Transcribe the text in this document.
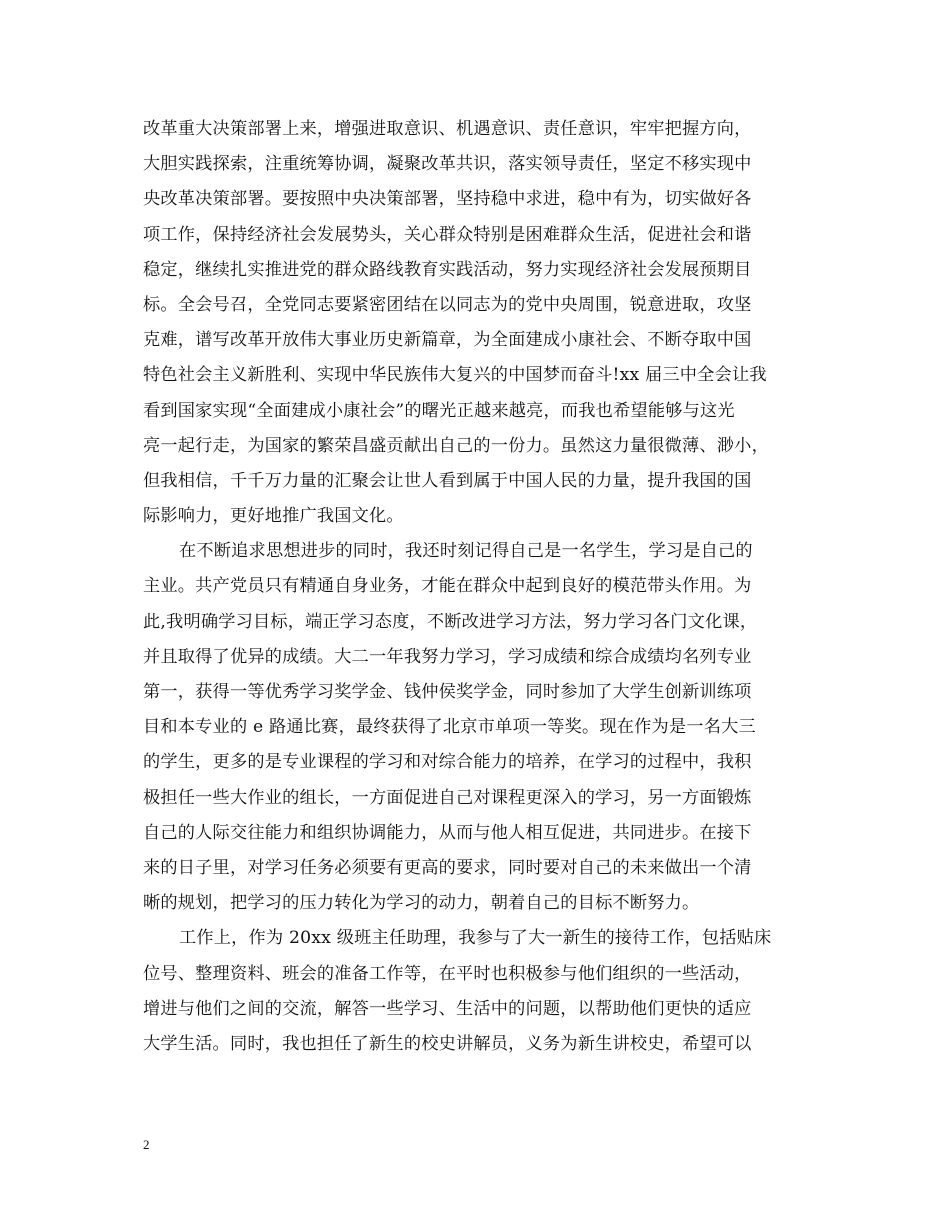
改革重大决策部署上来，增强进取意识、机遇意识、责任意识，牢牢把握方向，
大胆实践探索，注重统筹协调，凝聚改革共识，落实领导责任，坚定不移实现中
央改革决策部署。要按照中央决策部署，坚持稳中求进，稳中有为，切实做好各
项工作，保持经济社会发展势头，关心群众特别是困难群众生活，促进社会和谐
稳定，继续扎实推进党的群众路线教育实践活动，努力实现经济社会发展预期目
标。全会号召，全党同志要紧密团结在以同志为的党中央周围，锐意进取，攻坚
克难，谱写改革开放伟大事业历史新篇章，为全面建成小康社会、不断夺取中国
特色社会主义新胜利、实现中华民族伟大复兴的中国梦而奋斗!xx 届三中全会让我
看到国家实现“全面建成小康社会”的曙光正越来越亮，而我也希望能够与这光
亮一起行走，为国家的繁荣昌盛贡献出自己的一份力。虽然这力量很微薄、渺小，
但我相信，千千万力量的汇聚会让世人看到属于中国人民的力量，提升我国的国
际影响力，更好地推广我国文化。
在不断追求思想进步的同时，我还时刻记得自己是一名学生，学习是自己的
主业。共产党员只有精通自身业务，才能在群众中起到良好的模范带头作用。为
此,我明确学习目标，端正学习态度，不断改进学习方法，努力学习各门文化课，
并且取得了优异的成绩。大二一年我努力学习，学习成绩和综合成绩均名列专业
第一，获得一等优秀学习奖学金、钱仲侯奖学金，同时参加了大学生创新训练项
目和本专业的 e 路通比赛，最终获得了北京市单项一等奖。现在作为是一名大三
的学生，更多的是专业课程的学习和对综合能力的培养，在学习的过程中，我积
极担任一些大作业的组长，一方面促进自己对课程更深入的学习，另一方面锻炼
自己的人际交往能力和组织协调能力，从而与他人相互促进，共同进步。在接下
来的日子里，对学习任务必须要有更高的要求，同时要对自己的未来做出一个清
晰的规划，把学习的压力转化为学习的动力，朝着自己的目标不断努力。
工作上，作为 20xx 级班主任助理，我参与了大一新生的接待工作，包括贴床
位号、整理资料、班会的准备工作等，在平时也积极参与他们组织的一些活动，
增进与他们之间的交流，解答一些学习、生活中的问题，以帮助他们更快的适应
大学生活。同时，我也担任了新生的校史讲解员，义务为新生讲校史，希望可以
2
